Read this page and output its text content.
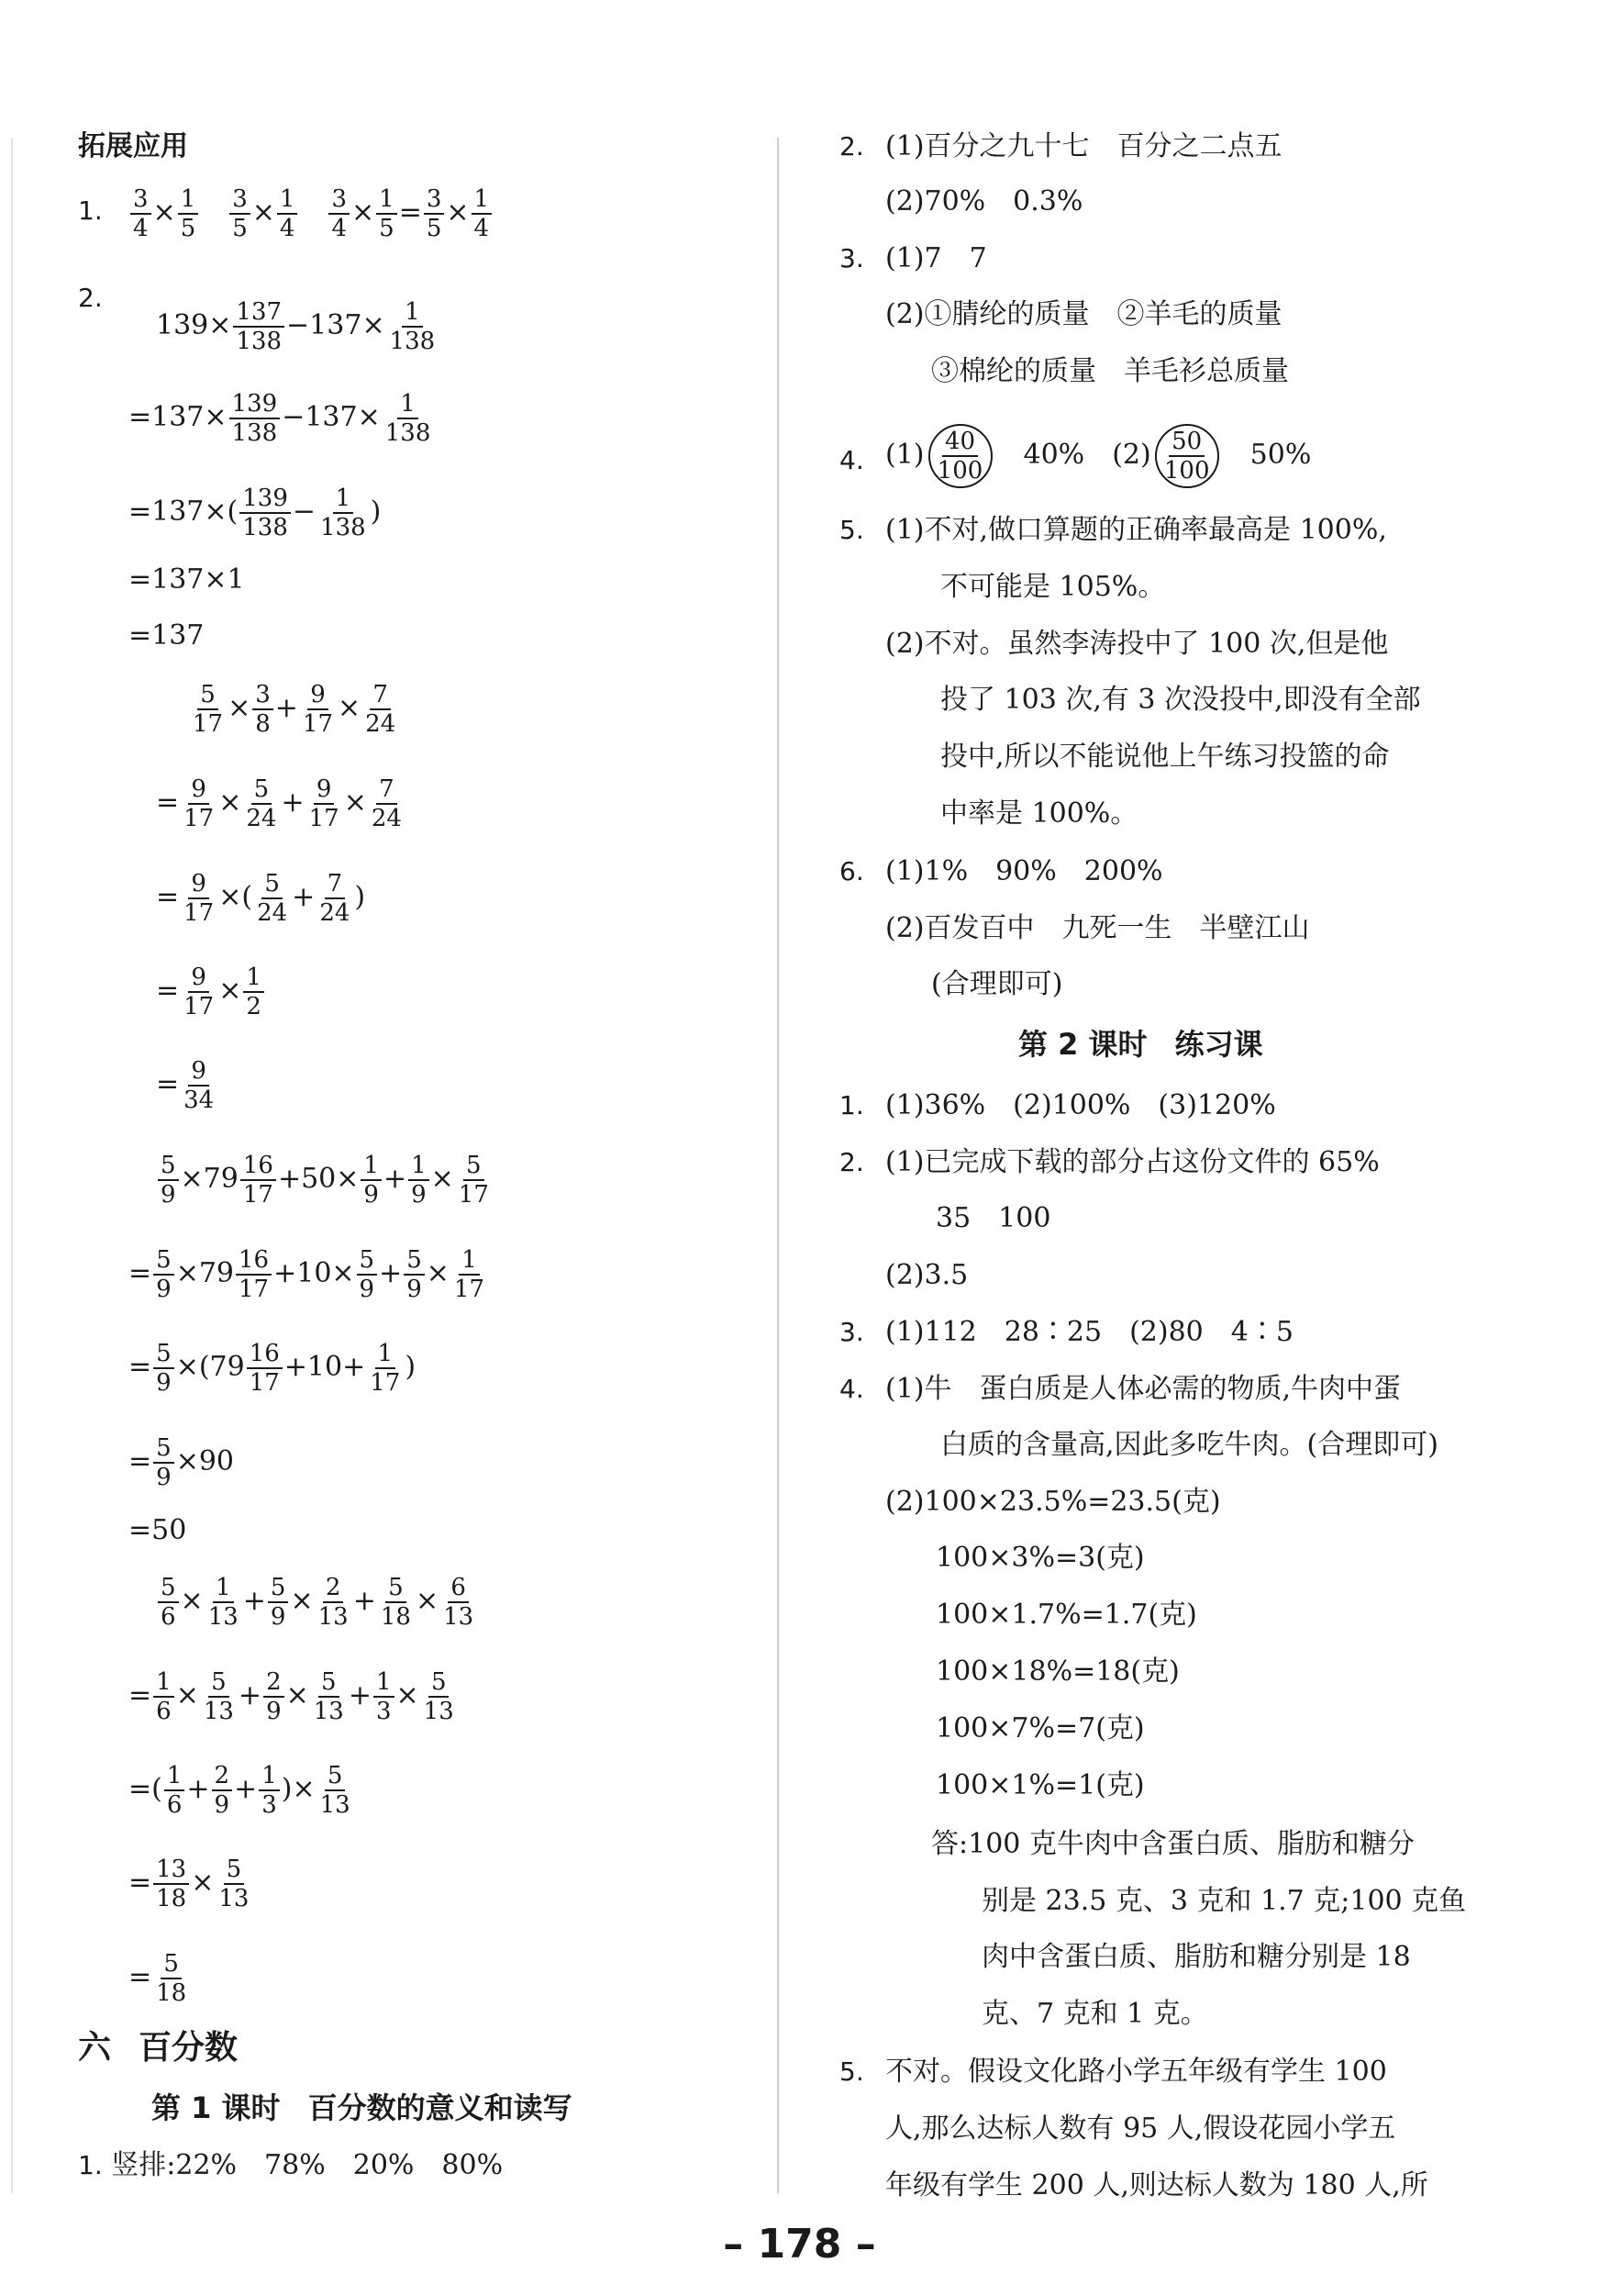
拓展应用
1. $\frac{3}{4} \times \frac{1}{5}$
　 $\frac{3}{5} \times \frac{1}{4}$
　 $\frac{3}{4} \times \frac{1}{5} = \frac{3}{5} \times \frac{1}{4}$
2.
$139\times \frac{137}{138} -137\times \frac{1}{138}$
$=137\times \frac{139}{138} -137\times \frac{1}{138}$
$=137\times( \frac{139}{138} - \frac{1}{138}$ )
=137×1
=137
$\frac{5}{17} \times \frac{3}{8} + \frac{9}{17} \times \frac{7}{24}$
= $\frac{9}{17} \times \frac{5}{24} + \frac{9}{17} \times \frac{7}{24}$
= $\frac{9}{17}$ ×( $\frac{5}{24} + \frac{7}{24}$ )
= $\frac{9}{17} \times \frac{1}{2}$
= $\frac{9}{34}$
$\frac{5}{9} \times 79 \frac{16}{17} +50\times \frac{1}{9} + \frac{1}{9} \times \frac{5}{17}$
= $\frac{5}{9} \times 79 \frac{16}{17} +10\times \frac{5}{9} + \frac{5}{9} \times \frac{1}{17}$
= $\frac{5}{9} \times(79 \frac{16}{17} +10+ \frac{1}{17}$ )
= $\frac{5}{9} \times 90$
=50
$\frac{5}{6} \times \frac{1}{13} + \frac{5}{9} \times \frac{2}{13} + \frac{5}{18} \times \frac{6}{13}$
= $\frac{1}{6} \times \frac{5}{13} + \frac{2}{9} \times \frac{5}{13} + \frac{1}{3} \times \frac{5}{13}$
=( $\frac{1}{6} + \frac{2}{9} + \frac{1}{3}$ )× $\frac{5}{13}$
= $\frac{13}{18} \times \frac{5}{13}$
= $\frac{5}{18}$
六　 百分数
第 1 课时　 百分数的意义和读写
1. 竖排:22%　78%　20%　80%
2. (1)百分之九十七　百分之二点五
(2)70%　0.3%
3. (1)7　7
(2)①腈纶的质量　②羊毛的质量
③棉纶的质量　羊毛衫总质量
4. $(1) \frac{40}{100}$ 　40%　$(2) \frac{50}{100}$ 　50%
5. (1)不对,做口算题的正确率最高是 100%,
不可能是 105%。
(2)不对。虽然李涛投中了 100 次,但是他
投了 103 次,有 3 次没投中,即没有全部
投中,所以不能说他上午练习投篮的命
中率是 100%。
6. (1)1%　90%　200%
(2)百发百中　九死一生　半壁江山
(合理即可)
第 2 课时　 练习课
1. (1)36%　(2)100%　(3)120%
2. (1)已完成下载的部分占这份文件的 65%
35　100
(2)3.5
3. (1)112　28∶25　(2)80　4∶5
4. (1)牛　蛋白质是人体必需的物质,牛肉中蛋
白质的含量高,因此多吃牛肉。(合理即可)
(2)100×23.5%=23.5(克)
100×3%=3(克)
100×1.7%=1.7(克)
100×18%=18(克)
100×7%=7(克)
100×1%=1(克)
答:100 克牛肉中含蛋白质、脂肪和糖分
别是 23.5 克、3 克和 1.7 克;100 克鱼
肉中含蛋白质、脂肪和糖分别是 18
克、7 克和 1 克。
5. 不对。假设文化路小学五年级有学生 100
人,那么达标人数有 95 人,假设花园小学五
年级有学生 200 人,则达标人数为 180 人,所
– 178 –
